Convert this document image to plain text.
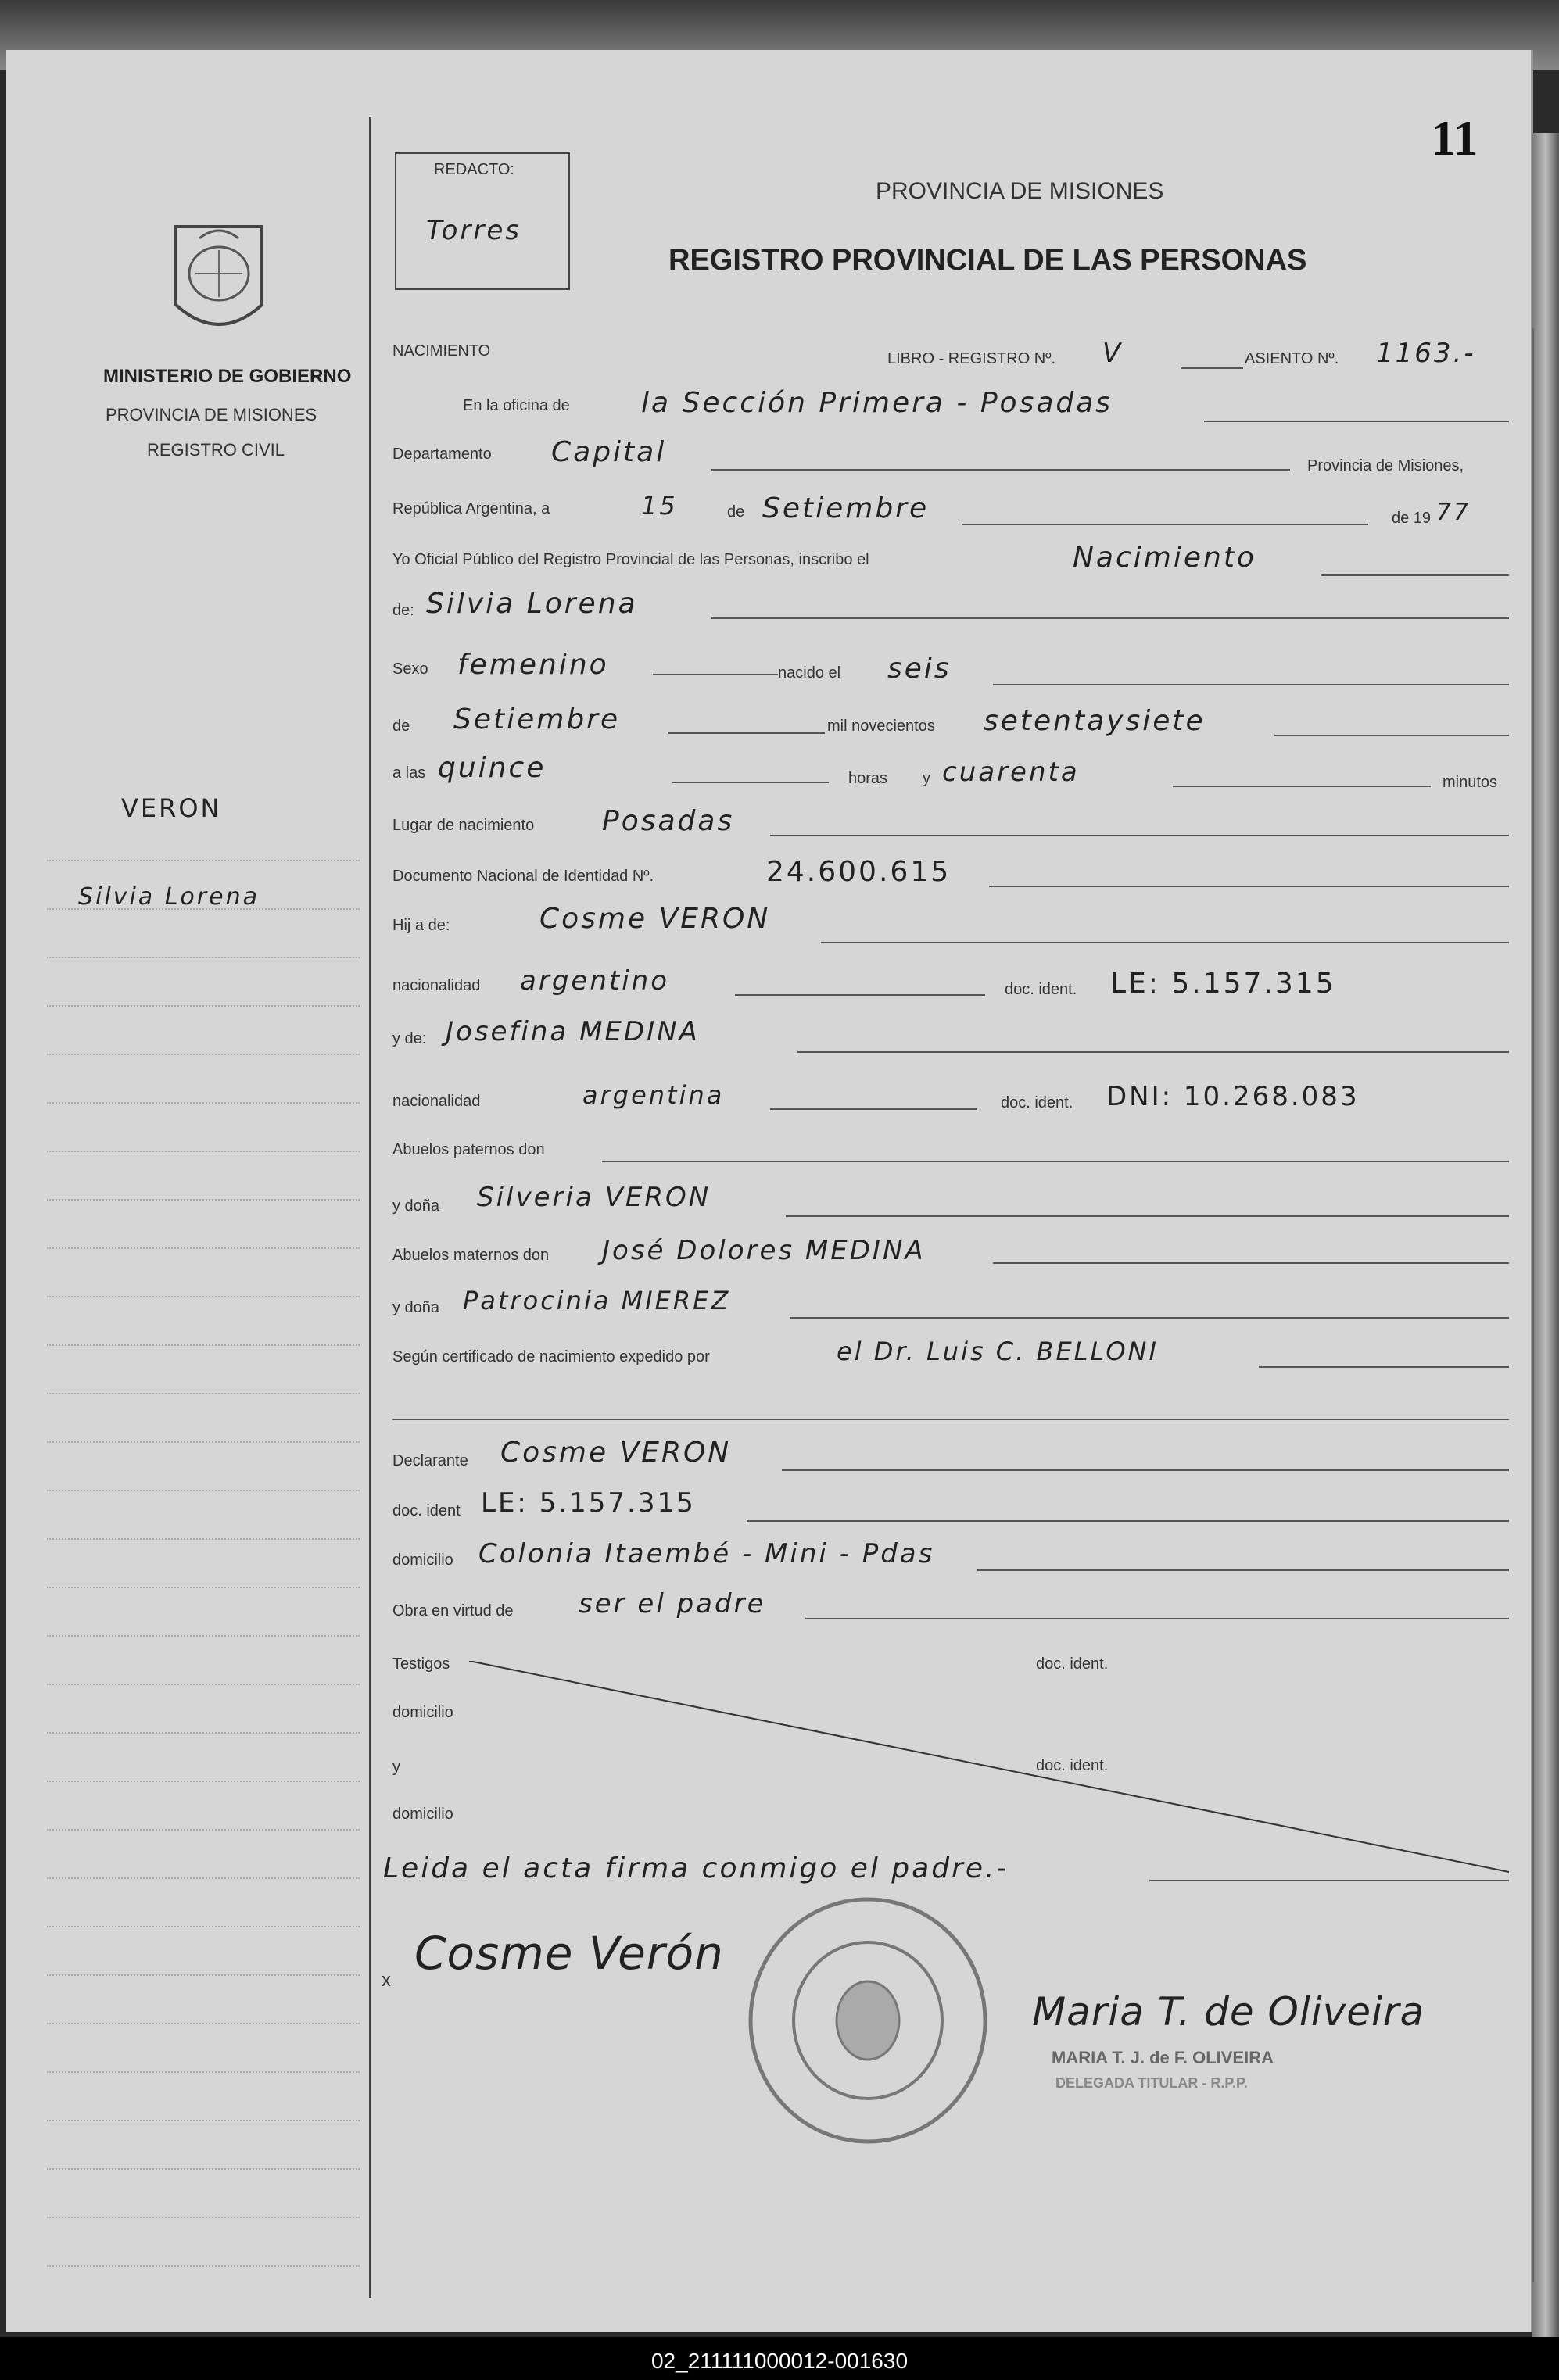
MINISTERIO DE GOBIERNO
PROVINCIA DE MISIONES
REGISTRO CIVIL
VERON
Silvia Lorena
11
REDACTO:
Torres
PROVINCIA DE MISIONES
REGISTRO PROVINCIAL DE LAS PERSONAS
NACIMIENTO	LIBRO - REGISTRO Nº. V	ASIENTO Nº. 1163.-
En la oficina de	la Sección Primera - Posadas
Departamento Capital	Provincia de Misiones,
República Argentina, a	15	de Setiembre	de 19 77
Yo Oficial Público del Registro Provincial de las Personas, inscribo el	Nacimiento
de: Silvia Lorena
Sexo femenino	nacido el seis
de Setiembre	mil novecientos setentaysiete
a las quince	horas y cuarenta	minutos
Lugar de nacimiento Posadas
Documento Nacional de Identidad Nº.	24.600.615
Hij a de:	Cosme VERON
nacionalidad argentino	doc. ident. LE: 5.157.315
y de: Josefina MEDINA
nacionalidad	argentina	doc. ident. DNI: 10.268.083
Abuelos paternos don
y doña Silveria VERON
Abuelos maternos don José Dolores MEDINA
y doña Patrocinia MIEREZ
Según certificado de nacimiento expedido por	el Dr. Luis C. BELLONI
Declarante Cosme VERON
doc. ident LE: 5.157.315
domicilio Colonia Itaembé - Mini - Pdas
Obra en virtud de ser el padre
Testigos	doc. ident.
domicilio
y	doc. ident.
domicilio
Leida el acta firma conmigo el padre.-
x
Cosme Verón
Maria T. de Oliveira
MARIA T. J. de F. OLIVEIRA
DELEGADA TITULAR - R.P.P.
02_211111000012-001630
